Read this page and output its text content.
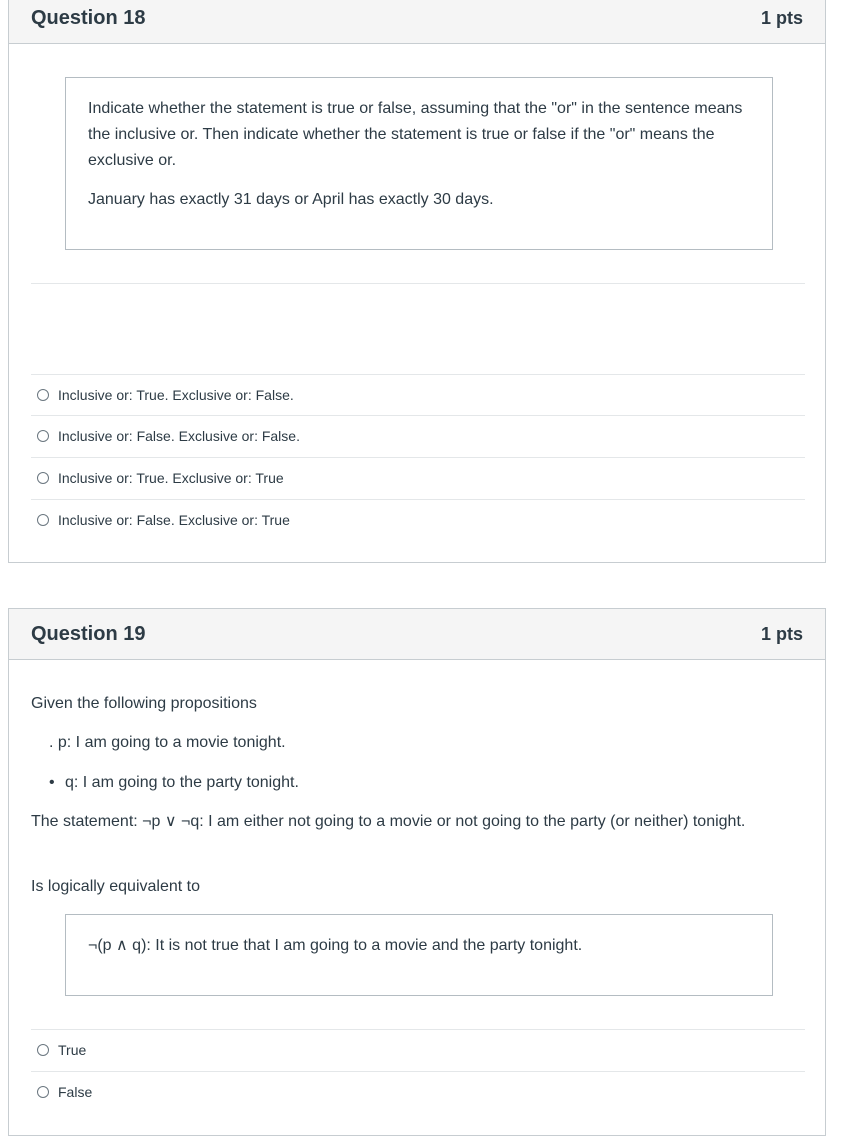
Question 18	1 pts

Indicate whether the statement is true or false, assuming that the "or" in the sentence means the inclusive or. Then indicate whether the statement is true or false if the "or" means the exclusive or.

January has exactly 31 days or April has exactly 30 days.

Inclusive or: True. Exclusive or: False.
Inclusive or: False. Exclusive or: False.
Inclusive or: True. Exclusive or: True
Inclusive or: False. Exclusive or: True
Question 19	1 pts
Given the following propositions
. p: I am going to a movie tonight.
• q: I am going to the party tonight.
The statement: ¬p ∨ ¬q: I am either not going to a movie or not going to the party (or neither) tonight.
Is logically equivalent to

¬(p ∧ q): It is not true that I am going to a movie and the party tonight.

True
False
